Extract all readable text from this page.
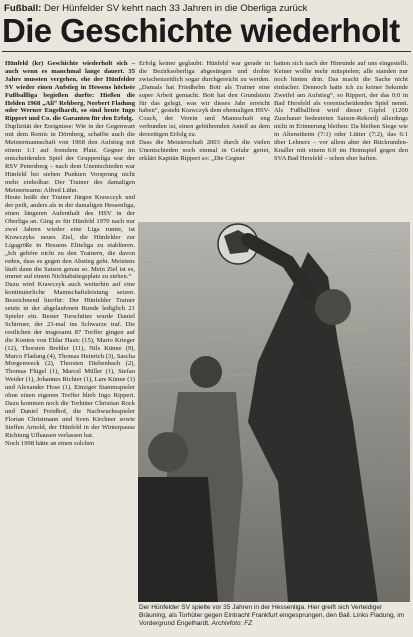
Fußball: Der Hünfelder SV kehrt nach 33 Jahren in die Oberliga zurück
Die Geschichte wiederholt

Hünfeld (kr) Geschichte wiederholt sich – auch wenn es manchmal lange dauert. 35 Jahre mussten vergehen, ehe der Hünfelder SV wieder einen Aufstieg in Hessens höchste Fußballliga begießen durfte: Hießen die Helden 1968 „Ali“ Rehberg, Norbert Fladung oder Werner Engelhardt, so sind heute Ingo Rippert und Co. die Garanten für den Erfolg.

Duplizität der Ereignisse: Wie in der Gegenwart mit dem Remis in Dörnberg, schaffte auch die Meistermannschaft von 1968 den Aufstieg mit einem 1:1 auf fremdem Platz. Gegner im entscheidenden Spiel der Gruppenliga war der RSV Petersberg – nach dem Unentschieden war Hünfeld bei sieben Punkten Vorsprung nicht mehr einholbar. Der Trainer des damaligen Meisterteams: Alfred Lühn.

Heute heißt der Trainer Jürgen Krawczyk und der peilt, anders als in der damaligen Hessenliga, einen längeren Aufenthalt des HSV in der Oberliga an. Ging es für Hünfeld 1970 nach nur zwei Jahren wieder eine Liga runter, ist Krawczyks neues Ziel, die Hünfelder zur Ligagröße in Hessens Eliteliga zu etablieren. „Ich gehöre nicht zu den Trainern, die davon reden, dass es gegen den Abstieg geht. Meistens läuft dann die Saison genau so. Mein Ziel ist es, immer auf einem Nichtabstiegsplatz zu stehen.“

Dazu wird Krawczyk auch weiterhin auf eine kontinuierliche Mannschaftsleistung setzen. Bezeichnend hierfür: Der Hünfelder Trainer setzte in der abgelaufenen Runde lediglich 21 Spieler ein. Bester Torschütze wurde Daniel Schirmer, der 23-mal ins Schwarze traf. Die restlichen der insgesamt 87 Treffer gingen auf die Konten von Eldar Hasic (15), Mario Krieger (12), Thorsten Brehler (11), Nils Künne (9), Marco Fladung (4), Thomas Heinrich (3), Sascha Morgenweck (2), Thorsten Diebenbach (2), Thomas Flügel (1), Marcel Müller (1), Stefan Weider (1), Johannes Richter (1), Lars Künne (1) und Alexander Hose (1). Einziger Stammspieler ohne einen eigenen Treffer blieb Ingo Rippert. Dazu kommen noch die Torhüter Christian Rock und Daniel Freidhof, die Nachwuchsspieler Florian Christmann und Sven Kirchner sowie Steffen Arnold, der Hünfeld in der Winterpause Richtung Ufhausen verlassen hat.

Noch 1998 hätte an einen solchen

Erfolg keiner geglaubt: Hünfeld war gerade in die Bezirksoberliga abgestiegen und drohte zwischenzeitlich sogar durchgereicht zu werden. „Damals hat Friedhelm Bott als Trainer eine super Arbeit gemacht. Bott hat den Grundstein für das gelegt, was wir dieses Jahr erreicht haben“, gesteht Krawczyk dem ehemaligen HSV-Coach, der Verein und Mannschaft eng verbunden ist, einen gebührenden Anteil an dem derzeitigen Erfolg zu.

Dass die Meisterschaft 2003 durch die vielen Unentschieden noch einmal in Gefahr geriet, erklärt Kapitän Rippert so: „Die Gegner

hatten sich nach der Hinrunde auf uns eingestellt. Keiner wollte mehr mitspielen; alle standen nur noch hinten drin. Das macht die Sache nicht einfacher. Dennoch hatte ich zu keiner Sekunde Zweifel am Aufstieg“, so Rippert, der das 0:0 in Bad Hersfeld als vorentscheidendes Spiel nennt. Als Fußballfest wird dieser Gipfel (1200 Zuschauer bedeuteten Saison-Rekord) allerdings nicht in Erinnerung bleiben: Da bleiben Siege wie in Altenstheim (7:1) oder Lütter (7:2), das 6:1 über Lehnerz – vor allem aber der Rückrunden-Knaller mit einem 6:0 im Heimspiel gegen den SVA Bad Hersfeld – schon eher haften.

Der Hünfelder SV spielte vor 35 Jahren in der Hessenliga. Hier greift sich Verteidiger Bräuning, als Torhüter gegen Eintracht Frankfurt eingesprungen, den Ball. Links Fladung, im Vordergrund Engelhardt. Archivfoto: FZ
